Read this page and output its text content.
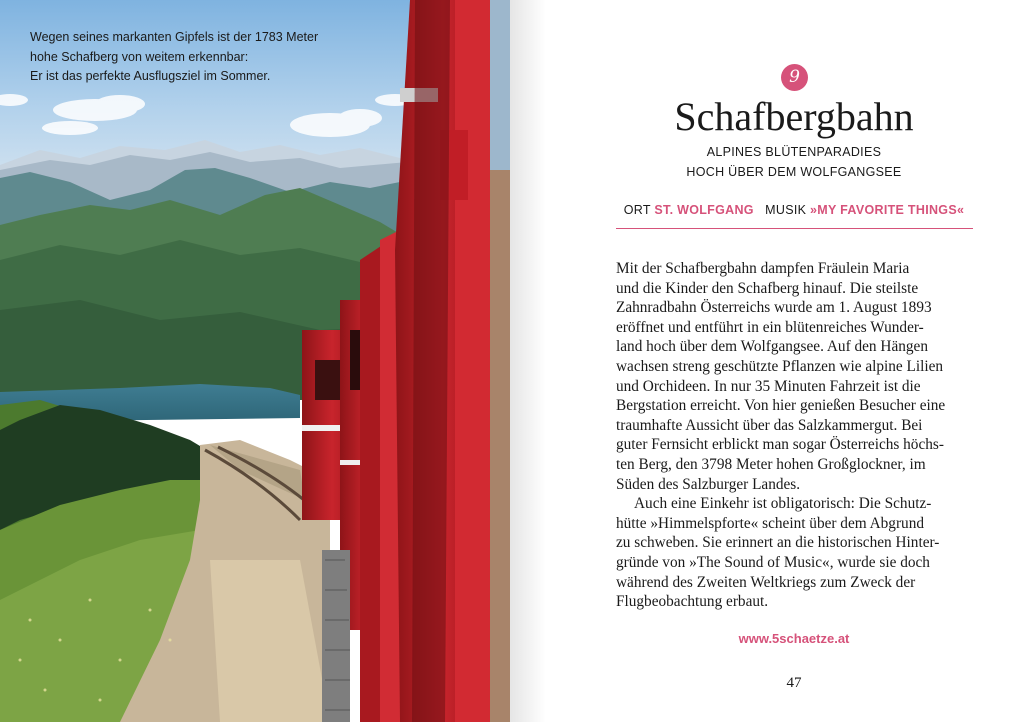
Wegen seines markanten Gipfels ist der 1783 Meter
hohe Schafberg von weitem erkennbar:
Er ist das perfekte Ausflugsziel im Sommer.	9
Schafbergbahn
ALPINES BLÜTENPARADIES
HOCH ÜBER DEM WOLFGANGSEE
ORT ST. WOLFGANG MUSIK »MY FAVORITE THINGS«
Mit der Schafbergbahn dampfen Fräulein Maria
und die Kinder den Schafberg hinauf. Die steilste
Zahnradbahn Österreichs wurde am 1. August 1893
eröffnet und entführt in ein blütenreiches Wunder-
land hoch über dem Wolfgangsee. Auf den Hängen
wachsen streng geschützte Pflanzen wie alpine Lilien
und Orchideen. In nur 35 Minuten Fahrzeit ist die
Bergstation erreicht. Von hier genießen Besucher eine
traumhafte Aussicht über das Salzkammergut. Bei
guter Fernsicht erblickt man sogar Österreichs höchs-
ten Berg, den 3798 Meter hohen Großglockner, im
Süden des Salzburger Landes.
Auch eine Einkehr ist obligatorisch: Die Schutz-
hütte »Himmelspforte« scheint über dem Abgrund
zu schweben. Sie erinnert an die historischen Hinter-
gründe von »The Sound of Music«, wurde sie doch
während des Zweiten Weltkriegs zum Zweck der
Flugbeobachtung erbaut.
www.5schaetze.at
47
